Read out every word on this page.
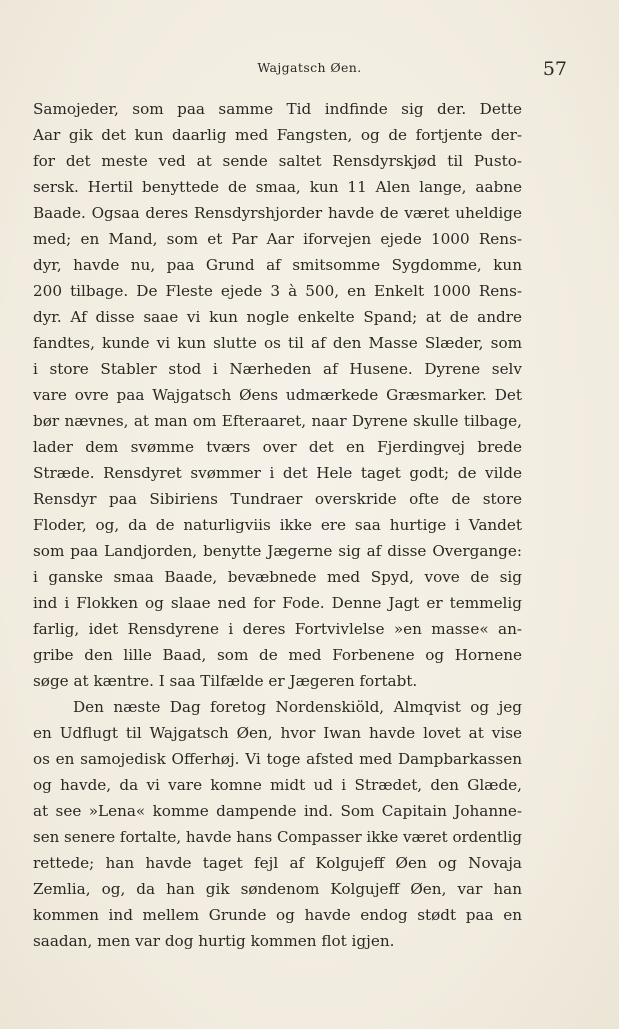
Wajgatsch Øen.	57
Samojeder, som paa samme Tid indfinde sig der. Dette
Aar gik det kun daarlig med Fangsten, og de fortjente der-
for det meste ved at sende saltet Rensdyrskjød til Pusto-
sersk. Hertil benyttede de smaa, kun 11 Alen lange, aabne
Baade. Ogsaa deres Rensdyrshjorder havde de været uheldige
med; en Mand, som et Par Aar iforvejen ejede 1000 Rens-
dyr, havde nu, paa Grund af smitsomme Sygdomme, kun
200 tilbage. De Fleste ejede 3 à 500, en Enkelt 1000 Rens-
dyr. Af disse saae vi kun nogle enkelte Spand; at de andre
fandtes, kunde vi kun slutte os til af den Masse Slæder, som
i store Stabler stod i Nærheden af Husene. Dyrene selv
vare ovre paa Wajgatsch Øens udmærkede Græsmarker. Det
bør nævnes, at man om Efteraaret, naar Dyrene skulle tilbage,
lader dem svømme tværs over det en Fjerdingvej brede
Stræde. Rensdyret svømmer i det Hele taget godt; de vilde
Rensdyr paa Sibiriens Tundraer overskride ofte de store
Floder, og, da de naturligviis ikke ere saa hurtige i Vandet
som paa Landjorden, benytte Jægerne sig af disse Overgange:
i ganske smaa Baade, bevæbnede med Spyd, vove de sig
ind i Flokken og slaae ned for Fode. Denne Jagt er temmelig
farlig, idet Rensdyrene i deres Fortvivlelse »en masse« an-
gribe den lille Baad, som de med Forbenene og Hornene
søge at kæntre. I saa Tilfælde er Jægeren fortabt.
Den næste Dag foretog Nordenskiöld, Almqvist og jeg
en Udflugt til Wajgatsch Øen, hvor Iwan havde lovet at vise
os en samojedisk Offerhøj. Vi toge afsted med Dampbarkassen
og havde, da vi vare komne midt ud i Strædet, den Glæde,
at see »Lena« komme dampende ind. Som Capitain Johanne-
sen senere fortalte, havde hans Compasser ikke været ordentlig
rettede; han havde taget fejl af Kolgujeff Øen og Novaja
Zemlia, og, da han gik søndenom Kolgujeff Øen, var han
kommen ind mellem Grunde og havde endog stødt paa en
saadan, men var dog hurtig kommen flot igjen.
